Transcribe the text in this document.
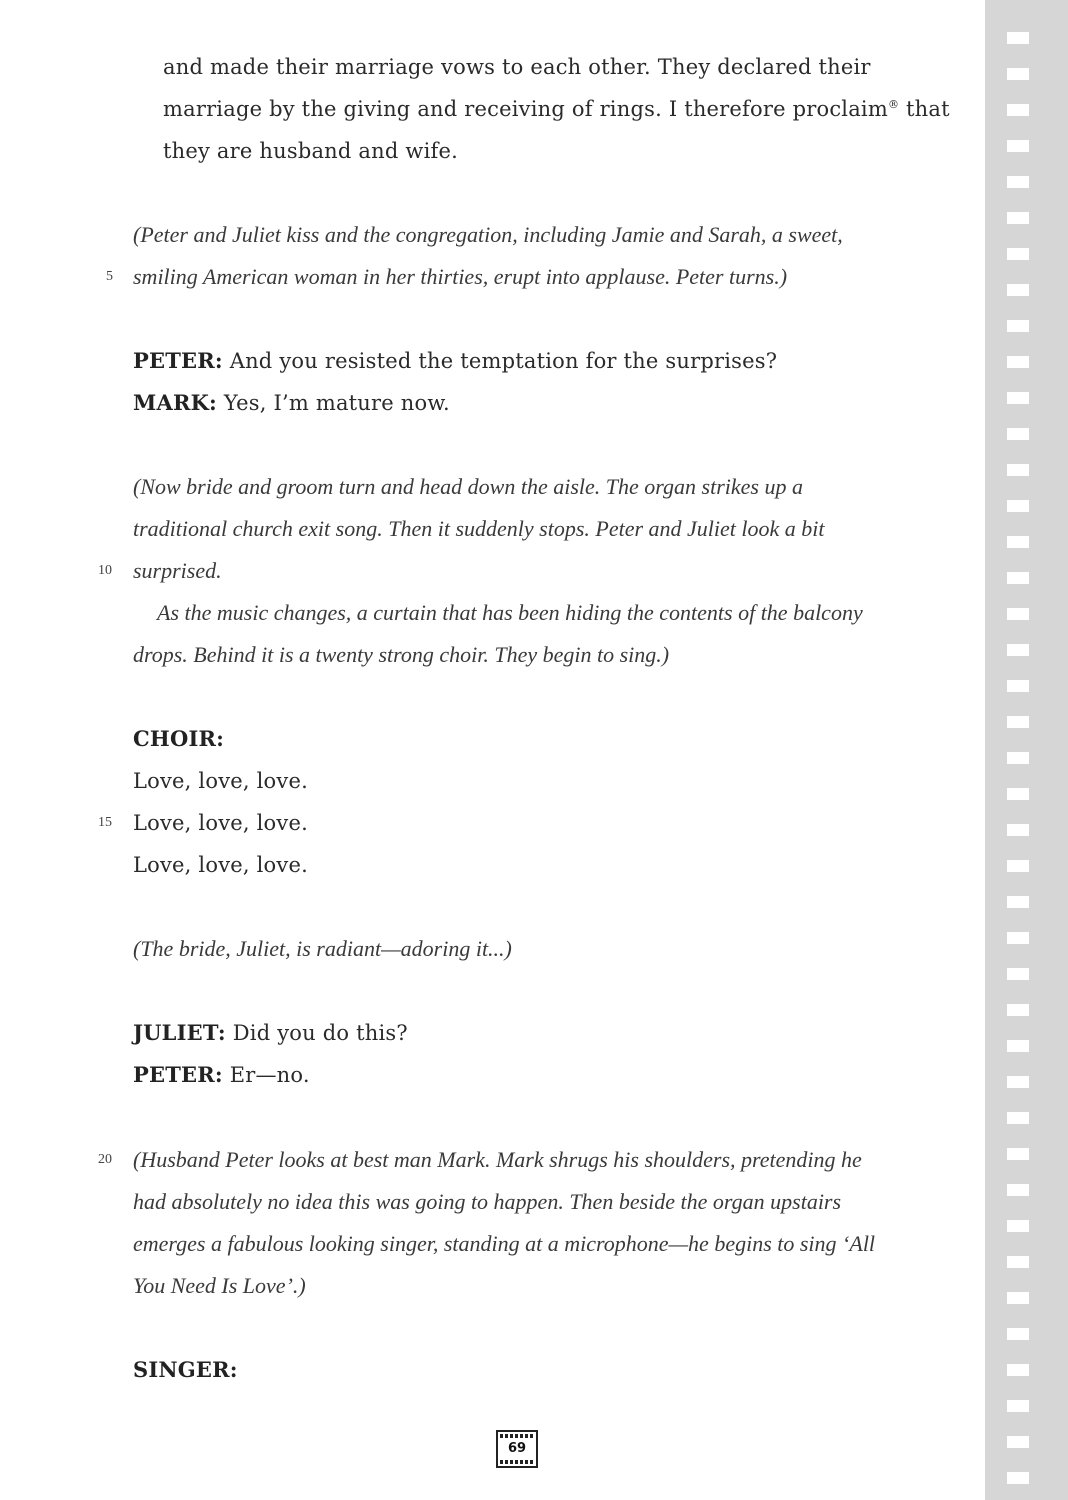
and made their marriage vows to each other. They declared their
marriage by the giving and receiving of rings. I therefore proclaim® that
they are husband and wife.
(Peter and Juliet kiss and the congregation, including Jamie and Sarah, a sweet,
5 smiling American woman in her thirties, erupt into applause. Peter turns.)
PETER: And you resisted the temptation for the surprises?
MARK: Yes, I’m mature now.
(Now bride and groom turn and head down the aisle. The organ strikes up a
traditional church exit song. Then it suddenly stops. Peter and Juliet look a bit
10 surprised.
As the music changes, a curtain that has been hiding the contents of the balcony
drops. Behind it is a twenty strong choir. They begin to sing.)
CHOIR:
Love, love, love.
15 Love, love, love.
Love, love, love.
(The bride, Juliet, is radiant—adoring it...)
JULIET: Did you do this?
PETER: Er—no.
20 (Husband Peter looks at best man Mark. Mark shrugs his shoulders, pretending he
had absolutely no idea this was going to happen. Then beside the organ upstairs
emerges a fabulous looking singer, standing at a microphone—he begins to sing ‘All
You Need Is Love’.)
SINGER:
69
